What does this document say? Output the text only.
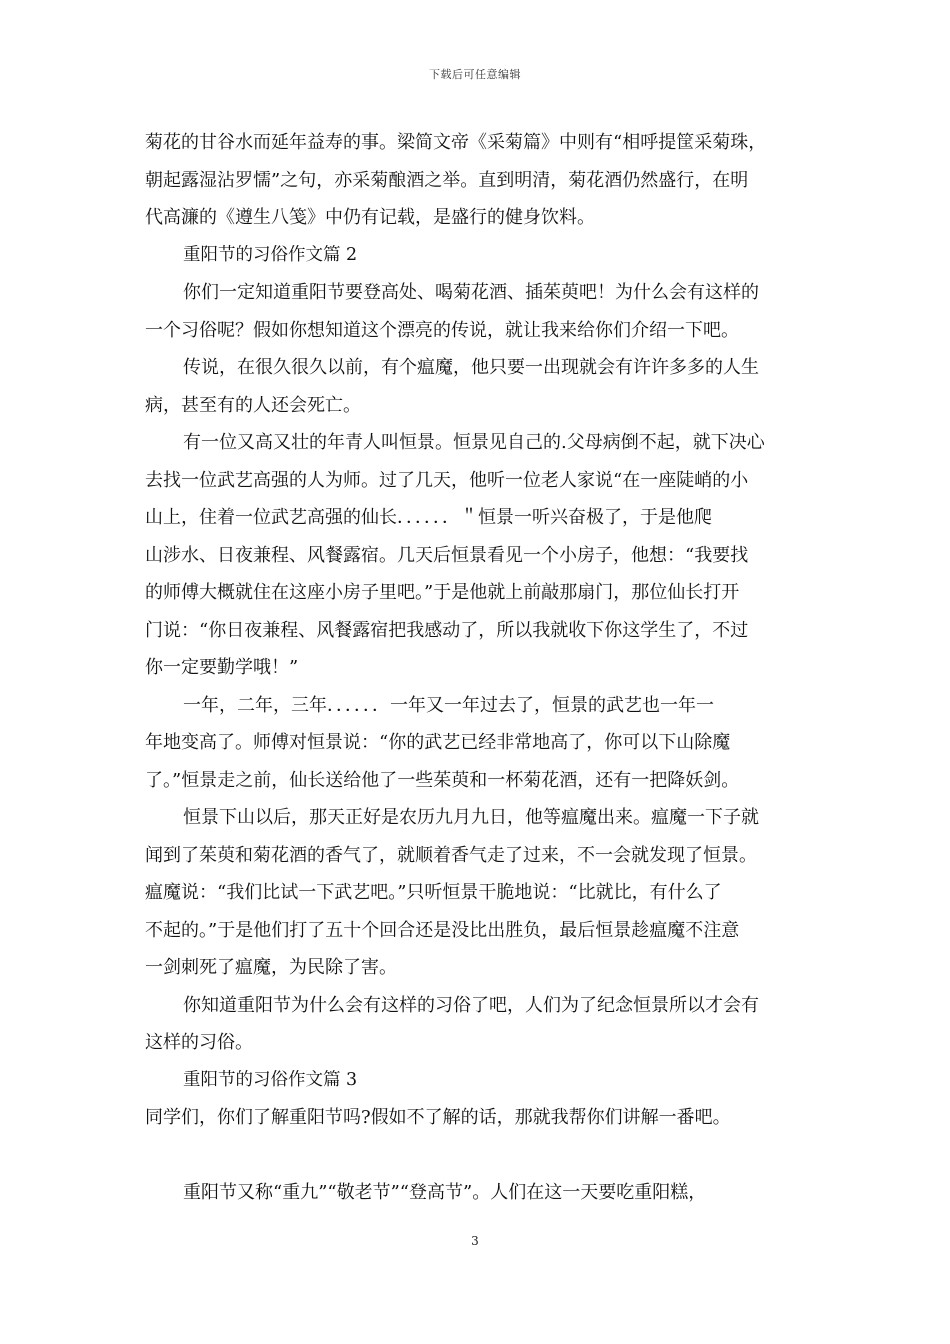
下载后可任意编辑
菊花的甘谷水而延年益寿的事。梁简文帝《采菊篇》中则有“相呼提筐采菊珠，
朝起露湿沾罗懦”之句，亦采菊酿酒之举。直到明清，菊花酒仍然盛行，在明
代高濂的《遵生八笺》中仍有记载，是盛行的健身饮料。
重阳节的习俗作文篇 2
你们一定知道重阳节要登高处、喝菊花酒、插茱萸吧！为什么会有这样的
一个习俗呢？假如你想知道这个漂亮的传说，就让我来给你们介绍一下吧。
传说，在很久很久以前，有个瘟魔，他只要一出现就会有许许多多的人生
病，甚至有的人还会死亡。
有一位又高又壮的年青人叫恒景。恒景见自己的.父母病倒不起，就下决心
去找一位武艺高强的人为师。过了几天，他听一位老人家说“在一座陡峭的小
山上，住着一位武艺高强的仙长．．．．．．＂恒景一听兴奋极了，于是他爬
山涉水、日夜兼程、风餐露宿。几天后恒景看见一个小房子，他想：“我要找
的师傅大概就住在这座小房子里吧。”于是他就上前敲那扇门，那位仙长打开
门说：“你日夜兼程、风餐露宿把我感动了，所以我就收下你这学生了，不过
你一定要勤学哦！”
一年，二年，三年．．．．．．一年又一年过去了，恒景的武艺也一年一
年地变高了。师傅对恒景说：“你的武艺已经非常地高了，你可以下山除魔
了。”恒景走之前，仙长送给他了一些茱萸和一杯菊花酒，还有一把降妖剑。
恒景下山以后，那天正好是农历九月九日，他等瘟魔出来。瘟魔一下子就
闻到了茱萸和菊花酒的香气了，就顺着香气走了过来，不一会就发现了恒景。
瘟魔说：“我们比试一下武艺吧。”只听恒景干脆地说：“比就比，有什么了
不起的。”于是他们打了五十个回合还是没比出胜负，最后恒景趁瘟魔不注意
一剑刺死了瘟魔，为民除了害。
你知道重阳节为什么会有这样的习俗了吧，人们为了纪念恒景所以才会有
这样的习俗。
重阳节的习俗作文篇 3
同学们，你们了解重阳节吗?假如不了解的话，那就我帮你们讲解一番吧。
重阳节又称“重九”“敬老节”“登高节”。人们在这一天要吃重阳糕，
3
